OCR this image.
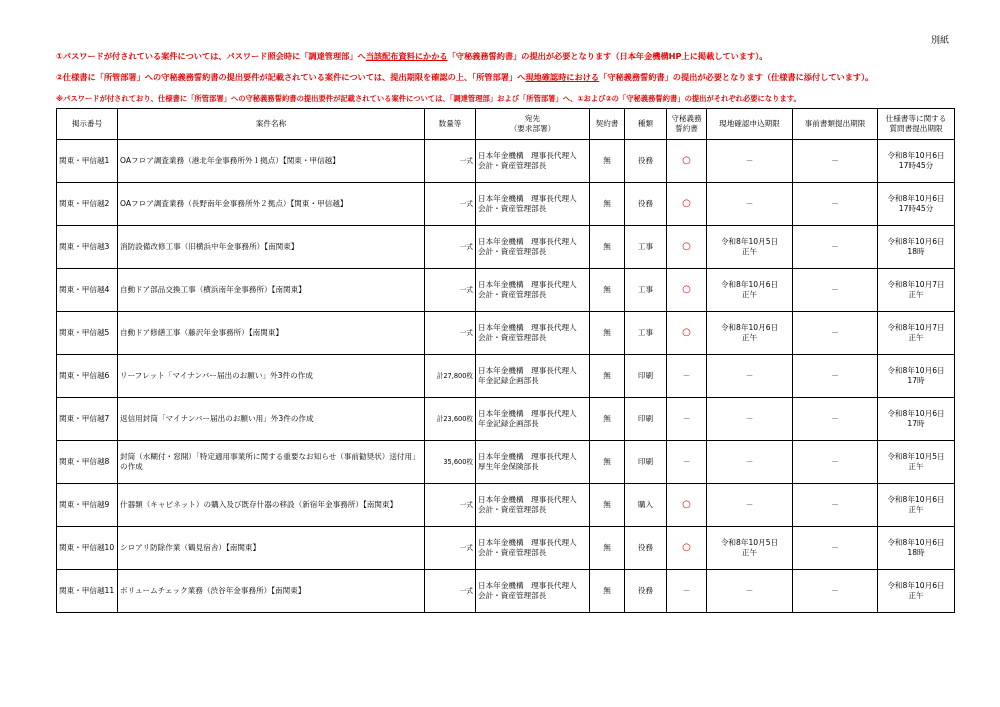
別紙
①パスワードが付されている案件については、パスワード照会時に「調達管理部」へ当該配布資料にかかる「守秘義務誓約書」の提出が必要となります（日本年金機構HP上に掲載しています）。
②仕様書に「所管部署」への守秘義務誓約書の提出要件が記載されている案件については、提出期限を確認の上、「所管部署」へ現地確認時における「守秘義務誓約書」の提出が必要となります（仕様書に添付しています）。
※パスワードが付されており、仕様書に「所管部署」への守秘義務誓約書の提出要件が記載されている案件については、「調達管理部」および「所管部署」へ、①および②の「守秘義務誓約書」の提出がそれぞれ必要になります。
掲示番号	案件名称	数量等	宛先
（要求部署）	契約書	種類	守秘義務
誓約書	現地確認申込期限	事前書類提出期限	仕様書等に関する
質問書提出期限
関東・甲信越1	OAフロア調査業務（港北年金事務所外１拠点）【関東・甲信越】	一式	日本年金機構　理事長代理人
会計・資産管理部長	無	役務	○	－	－	令和8年10月6日
17時45分
関東・甲信越2	OAフロア調査業務（長野南年金事務所外２拠点）【関東・甲信越】	一式	日本年金機構　理事長代理人
会計・資産管理部長	無	役務	○	－	－	令和8年10月6日
17時45分
関東・甲信越3	消防設備改修工事（旧横浜中年金事務所）【南関東】	一式	日本年金機構　理事長代理人
会計・資産管理部長	無	工事	○	令和8年10月5日
正午	－	令和8年10月6日
18時
関東・甲信越4	自動ドア部品交換工事（横浜南年金事務所）【南関東】	一式	日本年金機構　理事長代理人
会計・資産管理部長	無	工事	○	令和8年10月6日
正午	－	令和8年10月7日
正午
関東・甲信越5	自動ドア修繕工事（藤沢年金事務所）【南関東】	一式	日本年金機構　理事長代理人
会計・資産管理部長	無	工事	○	令和8年10月6日
正午	－	令和8年10月7日
正午
関東・甲信越6	リーフレット「マイナンバー届出のお願い」外3件の作成	計27,800枚	日本年金機構　理事長代理人
年金記録企画部長	無	印刷	－	－	－	令和8年10月6日
17時
関東・甲信越7	返信用封筒「マイナンバー届出のお願い用」外3件の作成	計23,600枚	日本年金機構　理事長代理人
年金記録企画部長	無	印刷	－	－	－	令和8年10月6日
17時
関東・甲信越8	封筒（水糊付・窓開）「特定適用事業所に関する重要なお知らせ（事前勧奨状）送付用」の作成	35,600枚	日本年金機構　理事長代理人
厚生年金保険部長	無	印刷	－	－	－	令和8年10月5日
正午
関東・甲信越9	什器類（キャビネット）の購入及び既存什器の移設（新宿年金事務所）【南関東】	一式	日本年金機構　理事長代理人
会計・資産管理部長	無	購入	○	－	－	令和8年10月6日
正午
関東・甲信越10	シロアリ防除作業（鶴見宿舎）【南関東】	一式	日本年金機構　理事長代理人
会計・資産管理部長	無	役務	○	令和8年10月5日
正午	－	令和8年10月6日
18時
関東・甲信越11	ボリュームチェック業務（渋谷年金事務所）【南関東】	一式	日本年金機構　理事長代理人
会計・資産管理部長	無	役務	－	－	－	令和8年10月6日
正午
